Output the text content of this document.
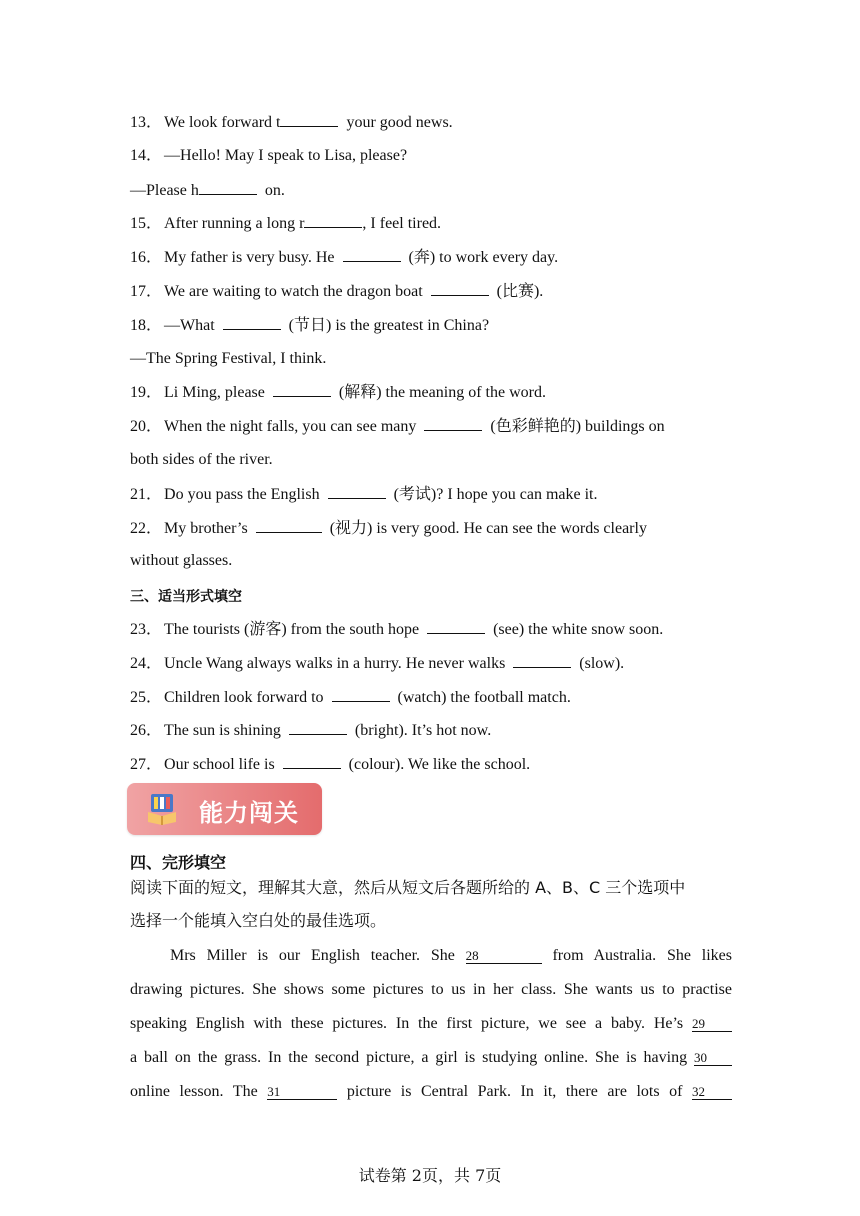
13． We look forward t	your good news.
14． —Hello! May I speak to Lisa, please?
—Please h	on.
15． After running a long r	, I feel tired.
16． My father is very busy. He	(奔) to work every day.
17． We are waiting to watch the dragon boat	(比赛).
18． —What	(节日) is the greatest in China?
—The Spring Festival, I think.
19． Li Ming, please	(解释) the meaning of the word.
20． When the night falls, you can see many	(色彩鲜艳的) buildings on
both sides of the river.
21． Do you pass the English	(考试)? I hope you can make it.
22． My brother’s	(视力) is very good. He can see the words clearly
without glasses.
三、适当形式填空
23． The tourists (游客) from the south hope	(see) the white snow soon.
24． Uncle Wang always walks in a hurry. He never walks	(slow).
25． Children look forward to	(watch) the football match.
26． The sun is shining	(bright). It’s hot now.
27． Our school life is	(colour). We like the school.
能力闯关
四、完形填空
阅读下面的短文，理解其大意，然后从短文后各题所给的 A、B、C 三个选项中
选择一个能填入空白处的最佳选项。
Mrs Miller is our English teacher. She 28	from Australia. She likes
drawing pictures. She shows some pictures to us in her class. She wants us to practise
speaking English with these pictures. In the first picture, we see a baby. He’s 29
a ball on the grass. In the second picture, a girl is studying online. She is having 30
online lesson. The 31	picture is Central Park. In it, there are lots of 32
试卷第 2页，共 7页
